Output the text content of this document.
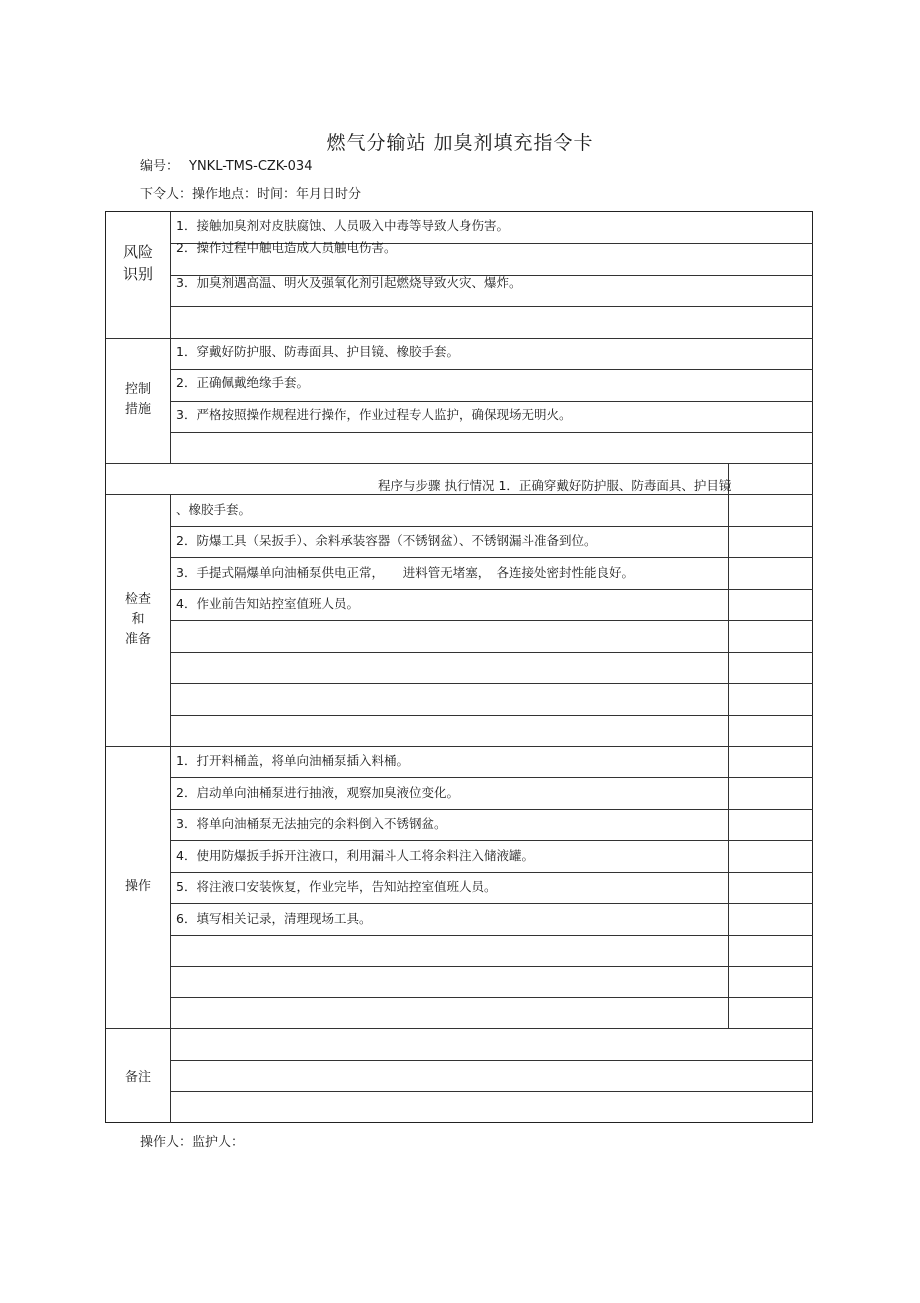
燃气分输站 加臭剂填充指令卡
编号： YNKL-TMS-CZK-034
下令人：操作地点：时间：年月日时分
风险
识别
控制
措施
检查
和
准备
操作
备注
1．接触加臭剂对皮肤腐蚀、人员吸入中毒等导致人身伤害。
2．操作过程中触电造成人员触电伤害。
3．加臭剂遇高温、明火及强氧化剂引起燃烧导致火灾、爆炸。
1．穿戴好防护服、防毒面具、护目镜、橡胶手套。
2．正确佩戴绝缘手套。
3．严格按照操作规程进行操作，作业过程专人监护，确保现场无明火。
程序与步骤 执行情况 1．正确穿戴好防护服、防毒面具、护目镜
、橡胶手套。
2．防爆工具（呆扳手）、余料承装容器（不锈钢盆）、不锈钢漏斗准备到位。
3．手提式隔爆单向油桶泵供电正常，　　进料管无堵塞，　各连接处密封性能良好。
4．作业前告知站控室值班人员。
1．打开料桶盖，将单向油桶泵插入料桶。
2．启动单向油桶泵进行抽液，观察加臭液位变化。
3．将单向油桶泵无法抽完的余料倒入不锈钢盆。
4．使用防爆扳手拆开注液口，利用漏斗人工将余料注入储液罐。
5．将注液口安装恢复，作业完毕，告知站控室值班人员。
6．填写相关记录，清理现场工具。
操作人：监护人：
